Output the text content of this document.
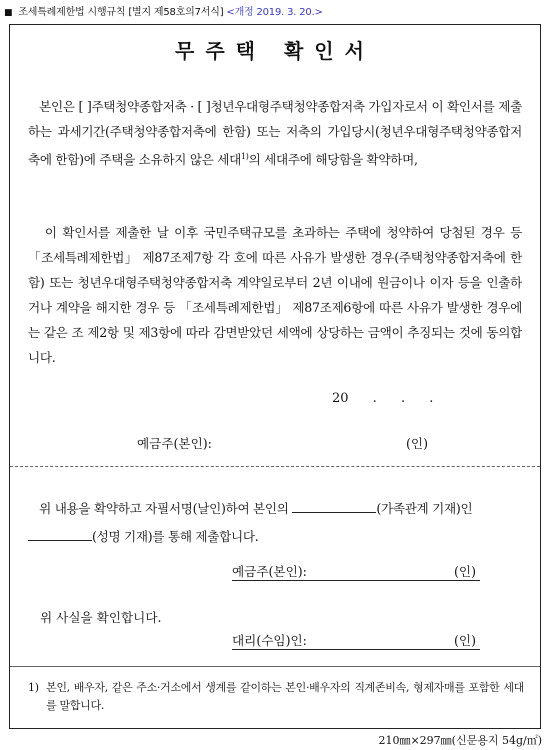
■ 조세특례제한법 시행규칙 [별지 제58호의7서식] <개정 2019. 3. 20.>
무주택 확인서
본인은 [ ]주택청약종합저축 · [ ]청년우대형주택청약종합저축 가입자로서 이 확인서를 제출하는 과세기간(주택청약종합저축에 한함) 또는 저축의 가입당시(청년우대형주택청약종합저축에 한함)에 주택을 소유하지 않은 세대$^{1)}$의 세대주에 해당함을 확약하며,
이 확인서를 제출한 날 이후 국민주택규모를 초과하는 주택에 청약하여 당첨된 경우 등 「조세특례제한법」 제87조제7항 각 호에 따른 사유가 발생한 경우(주택청약종합저축에 한함) 또는 청년우대형주택청약종합저축 계약일로부터 2년 이내에 원금이나 이자 등을 인출하거나 계약을 해지한 경우 등 「조세특례제한법」 제87조제6항에 따른 사유가 발생한 경우에는 같은 조 제2항 및 제3항에 따라 감면받았던 세액에 상당하는 금액이 추징되는 것에 동의합니다.
20 . . .
예금주(본인):	(인)
위 내용을 확약하고 자필서명(날인)하여 본인의	(가족관계 기재)인
(성명 기재)를 통해 제출합니다.
예금주(본인):	(인)
위 사실을 확인합니다.
대리(수임)인:	(인)
1) 본인, 배우자, 같은 주소·거소에서 생계를 같이하는 본인·배우자의 직계존비속, 형제자매를 포함한 세대를 말합니다.
210㎜×297㎜(신문용지 54g/㎡)
